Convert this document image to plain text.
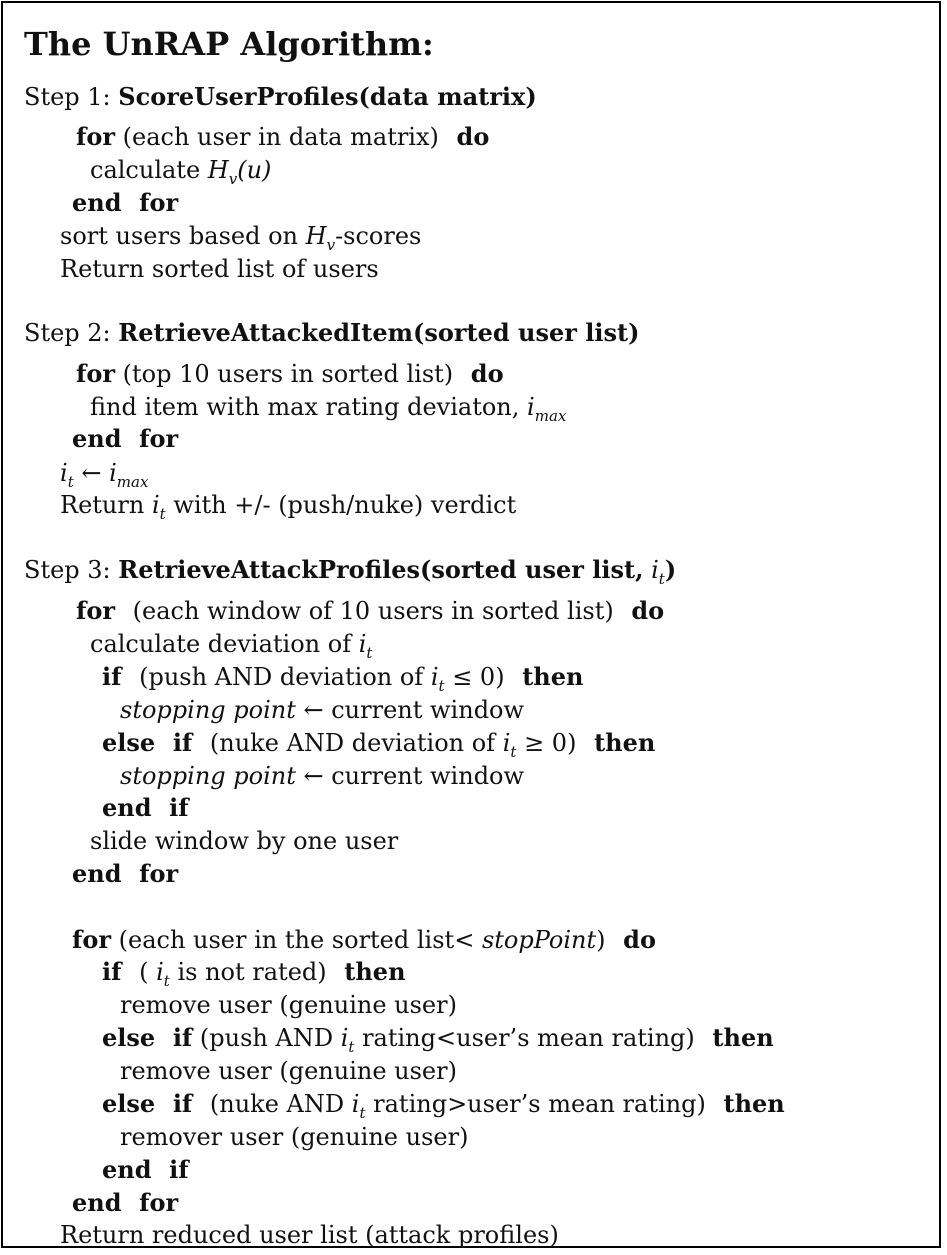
The UnRAP Algorithm:
Step 1: ScoreUserProfiles(data matrix)
for (each user in data matrix) do
calculate $H_v(u)$
end for
sort users based on $H_v$-scores
Return sorted list of users
Step 2: RetrieveAttackedItem(sorted user list)
for (top 10 users in sorted list) do
find item with max rating deviaton, $i_{max}$
end for
$i_t$ ← $i_{max}$
Return $i_t$ with +/- (push/nuke) verdict
Step 3: RetrieveAttackProfiles(sorted user list, $i_t$)
for (each window of 10 users in sorted list) do
calculate deviation of $i_t$
if (push AND deviation of $i_t \le 0$) then
stopping point ← current window
else if (nuke AND deviation of $i_t \ge 0$) then
stopping point ← current window
end if
slide window by one user
end for
for (each user in the sorted list< stopPoint) do
if ( $i_t$ is not rated) then
remove user (genuine user)
else if (push AND $i_t$ rating<user’s mean rating) then
remove user (genuine user)
else if (nuke AND $i_t$ rating>user’s mean rating) then
remover user (genuine user)
end if
end for
Return reduced user list (attack profiles)
